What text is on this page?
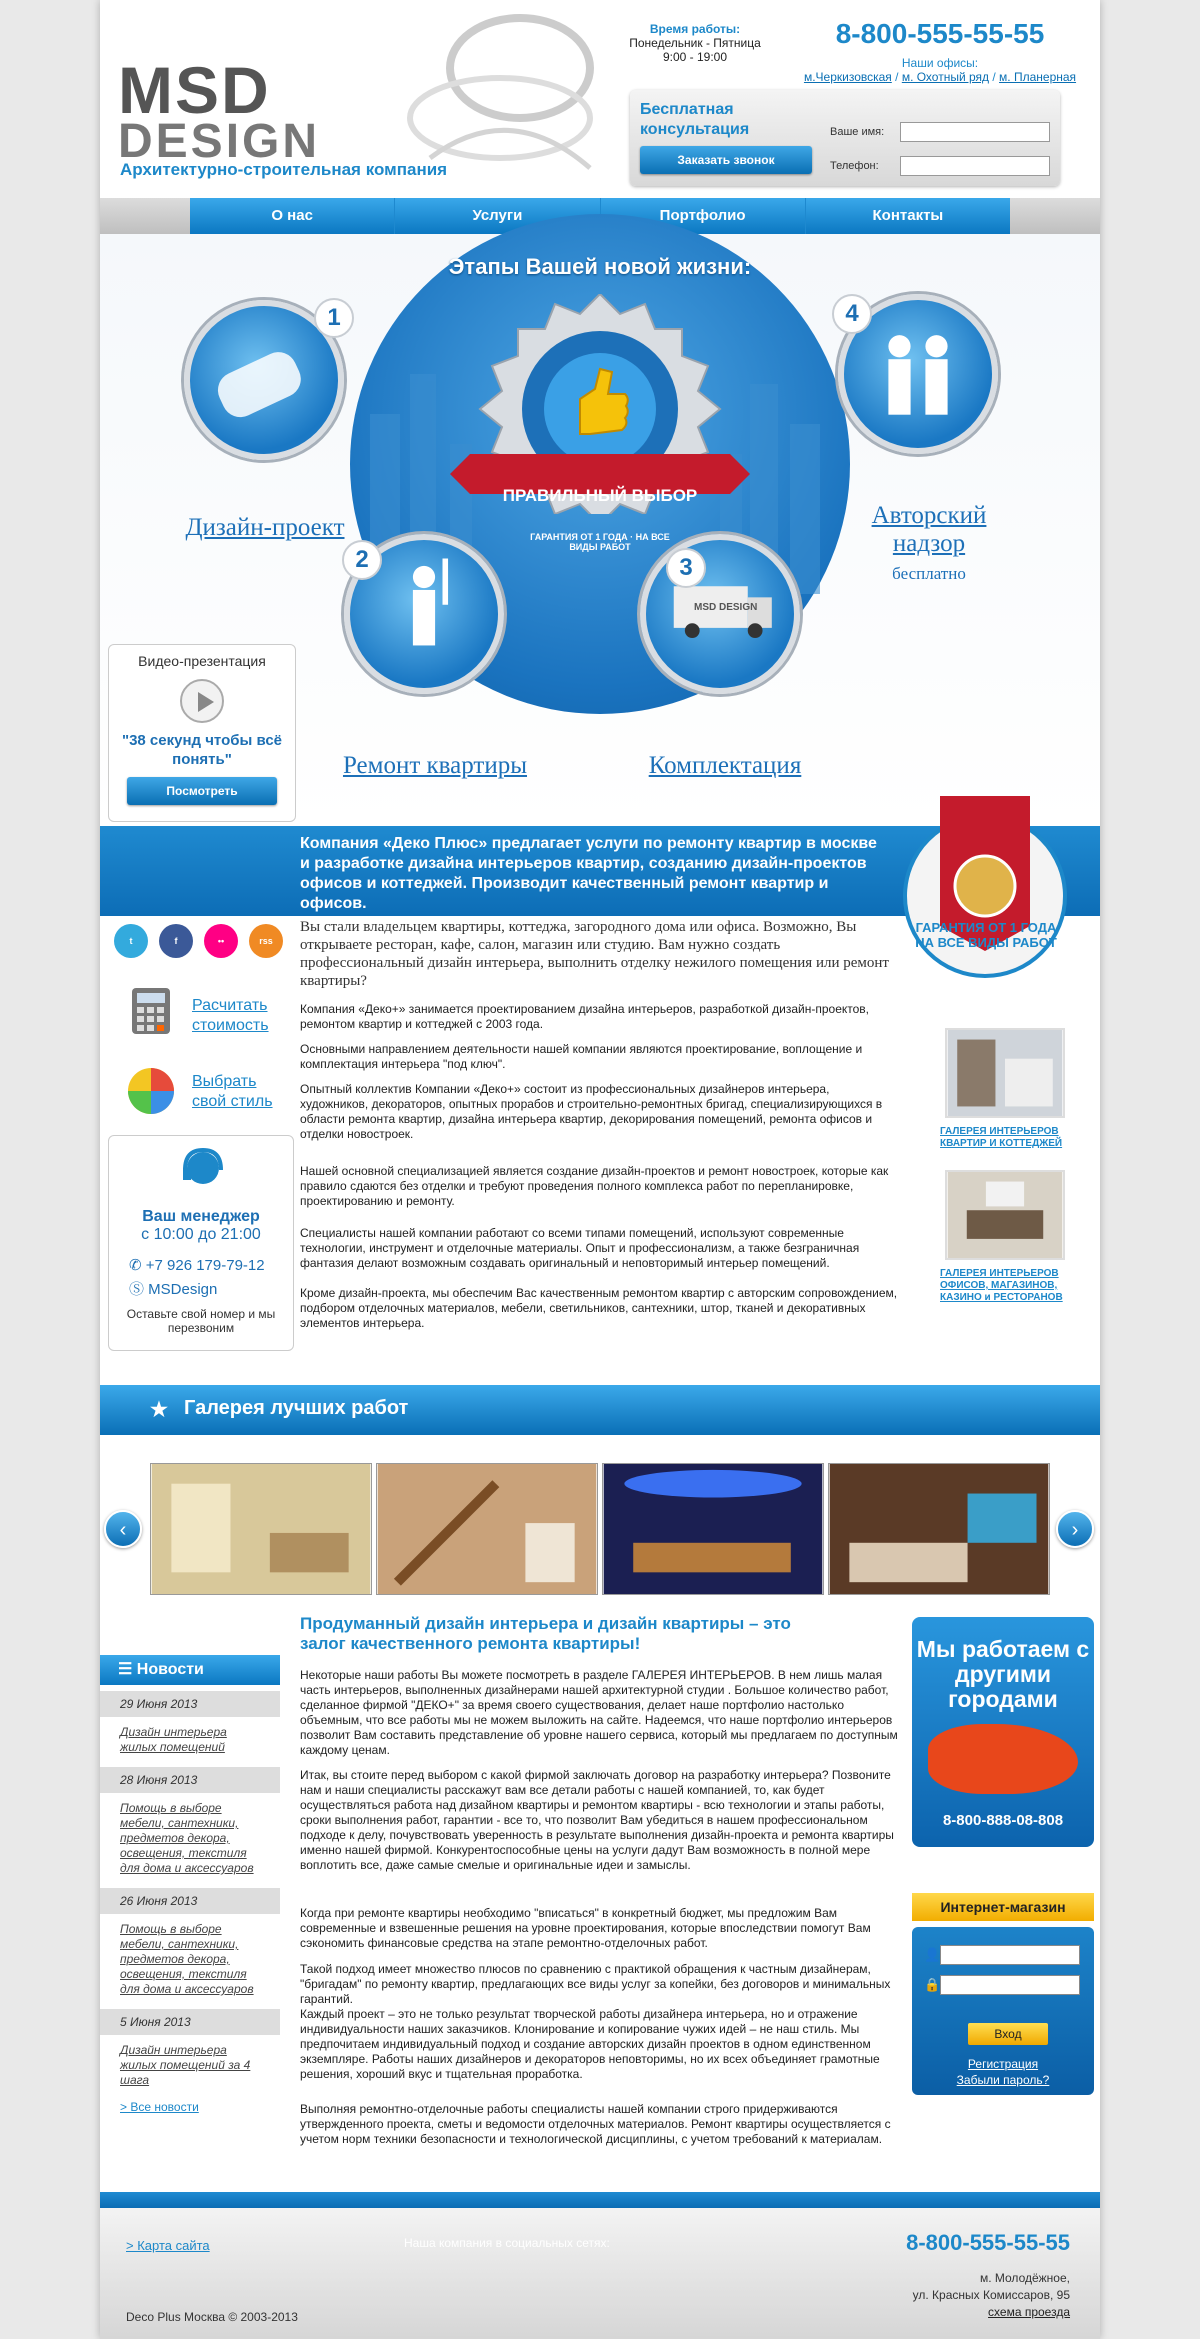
MSD
DESIGN
Архитектурно-строительная компания
Время работы:
Понедельник - Пятница
9:00 - 19:00
8-800-555-55-55
Наши офисы:
м.Черкизовская / м. Охотный ряд / м. Планерная
Бесплатная консультация
Заказать звонок
Ваше имя:
Телефон:
О нас	Услуги	Портфолио	Контакты
Этапы Вашей новой жизни:
ПРАВИЛЬНЫЙ ВЫБОР
ГАРАНТИЯ ОТ 1 ГОДА · НА ВСЕ ВИДЫ РАБОТ
1
Дизайн-проект
4
Авторский надзор
бесплатно
2
Ремонт квартиры
MSD DESIGN
3
Комплектация
Видео-презентация
"38 секунд чтобы всё понять"
Посмотреть

Компания «Деко Плюс» предлагает услуги по ремонту квартир в москве и разработке дизайна интерьеров квартир, созданию дизайн-проектов офисов и коттеджей. Производит качественный ремонт квартир и офисов.

ГАРАНТИЯ ОТ 1 ГОДА
НА ВСЕ ВИДЫ РАБОТ
t	f	••	rss
Вы стали владельцем квартиры, коттеджа, загородного дома или офиса. Возможно, Вы открываете ресторан, кафе, салон, магазин или студию. Вам нужно создать профессиональный дизайн интерьера, выполнить отделку нежилого помещения или ремонт квартиры?
Расчитать стоимость
Выбрать свой стиль
Ваш менеджер
с 10:00 до 21:00
✆ +7 926 179-79-12
Ⓢ MSDesign
Оставьте свой номер и мы перезвоним
Компания «Деко+» занимается проектированием дизайна интерьеров, разработкой дизайн-проектов, ремонтом квартир и коттеджей с 2003 года.
Основными направлением деятельности нашей компании являются проектирование, воплощение и комплектация интерьера "под ключ".
Опытный коллектив Компании «Деко+» состоит из профессиональных дизайнеров интерьера, художников, декораторов, опытных прорабов и строительно-ремонтных бригад, специализирующихся в области ремонта квартир, дизайна интерьера квартир, декорирования помещений, ремонта офисов и отделки новостроек.
Нашей основной специализацией является создание дизайн-проектов и ремонт новостроек, которые как правило сдаются без отделки и требуют проведения полного комплекса работ по перепланировке, проектированию и ремонту.
Специалисты нашей компании работают со всеми типами помещений, используют современные технологии, инструмент и отделочные материалы. Опыт и профессионализм, а также безграничная фантазия делают возможным создавать оригинальный и неповторимый интерьер помещений.
Кроме дизайн-проекта, мы обеспечим Вас качественным ремонтом квартир с авторским сопровождением, подбором отделочных материалов, мебели, светильников, сантехники, штор, тканей и декоративных элементов интерьера.
ГАЛЕРЕЯ ИНТЕРЬЕРОВ КВАРТИР И КОТТЕДЖЕЙ
ГАЛЕРЕЯ ИНТЕРЬЕРОВ ОФИСОВ, МАГАЗИНОВ, КАЗИНО и РЕСТОРАНОВ
★ Галерея лучших работ
‹	›
Продуманный дизайн интерьера и дизайн квартиры – это залог качественного ремонта квартиры!
☰ Новости
29 Июня 2013
Дизайн интерьера жилых помещений
28 Июня 2013
Помощь в выборе мебели, сантехники, предметов декора, освещения, текстиля для дома и аксессуаров
26 Июня 2013
Помощь в выборе мебели, сантехники, предметов декора, освещения, текстиля для дома и аксессуаров
5 Июня 2013
Дизайн интерьера жилых помещений за 4 шага
> Все новости
Некоторые наши работы Вы можете посмотреть в разделе ГАЛЕРЕЯ ИНТЕРЬЕРОВ. В нем лишь малая часть интерьеров, выполненных дизайнерами нашей архитектурной студии . Большое количество работ, сделанное фирмой "ДЕКО+" за время своего существования, делает наше портфолио настолько объемным, что все работы мы не можем выложить на сайте. Надеемся, что наше портфолио интерьеров позволит Вам составить представление об уровне нашего сервиса, который мы предлагаем по доступным каждому ценам.
Итак, вы стоите перед выбором с какой фирмой заключать договор на разработку интерьера? Позвоните нам и наши специалисты расскажут вам все детали работы с нашей компанией, то, как будет осуществляться работа над дизайном квартиры и ремонтом квартиры - всю технологии и этапы работы, сроки выполнения работ, гарантии - все то, что позволит Вам убедиться в нашем профессиональном подходе к делу, почувствовать уверенность в результате выполнения дизайн-проекта и ремонта квартиры именно нашей фирмой. Конкурентоспособные цены на услуги дадут Вам возможность в полной мере воплотить все, даже самые смелые и оригинальные идеи и замыслы.
Когда при ремонте квартиры необходимо "вписаться" в конкретный бюджет, мы предложим Вам современные и взвешенные решения на уровне проектирования, которые впоследствии помогут Вам сэкономить финансовые средства на этапе ремонтно-отделочных работ.
Такой подход имеет множество плюсов по сравнению с практикой обращения к частным дизайнерам, "бригадам" по ремонту квартир, предлагающих все виды услуг за копейки, без договоров и минимальных гарантий.
Каждый проект – это не только результат творческой работы дизайнера интерьера, но и отражение индивидуальности наших заказчиков. Клонирование и копирование чужих идей – не наш стиль. Мы предпочитаем индивидуальный подход и создание авторских дизайн проектов в одном единственном экземпляре. Работы наших дизайнеров и декораторов неповторимы, но их всех объединяет грамотные решения, хороший вкус и тщательная проработка.
Выполняя ремонтно-отделочные работы специалисты нашей компании строго придерживаются утвержденного проекта, сметы и ведомости отделочных материалов. Ремонт квартиры осуществляется с учетом норм техники безопасности и технологической дисциплины, с учетом требований к материалам.
Мы работаем с другими городами
8-800-888-08-808
Интернет-магазин
👤
🔒
Вход
Регистрация
Забыли пароль?
> Карта сайта	Наша компания в социальных сетях:
Deco Plus Москва © 2003-2013
8-800-555-55-55
м. Молодёжное,
ул. Красных Комиссаров, 95
схема проезда
